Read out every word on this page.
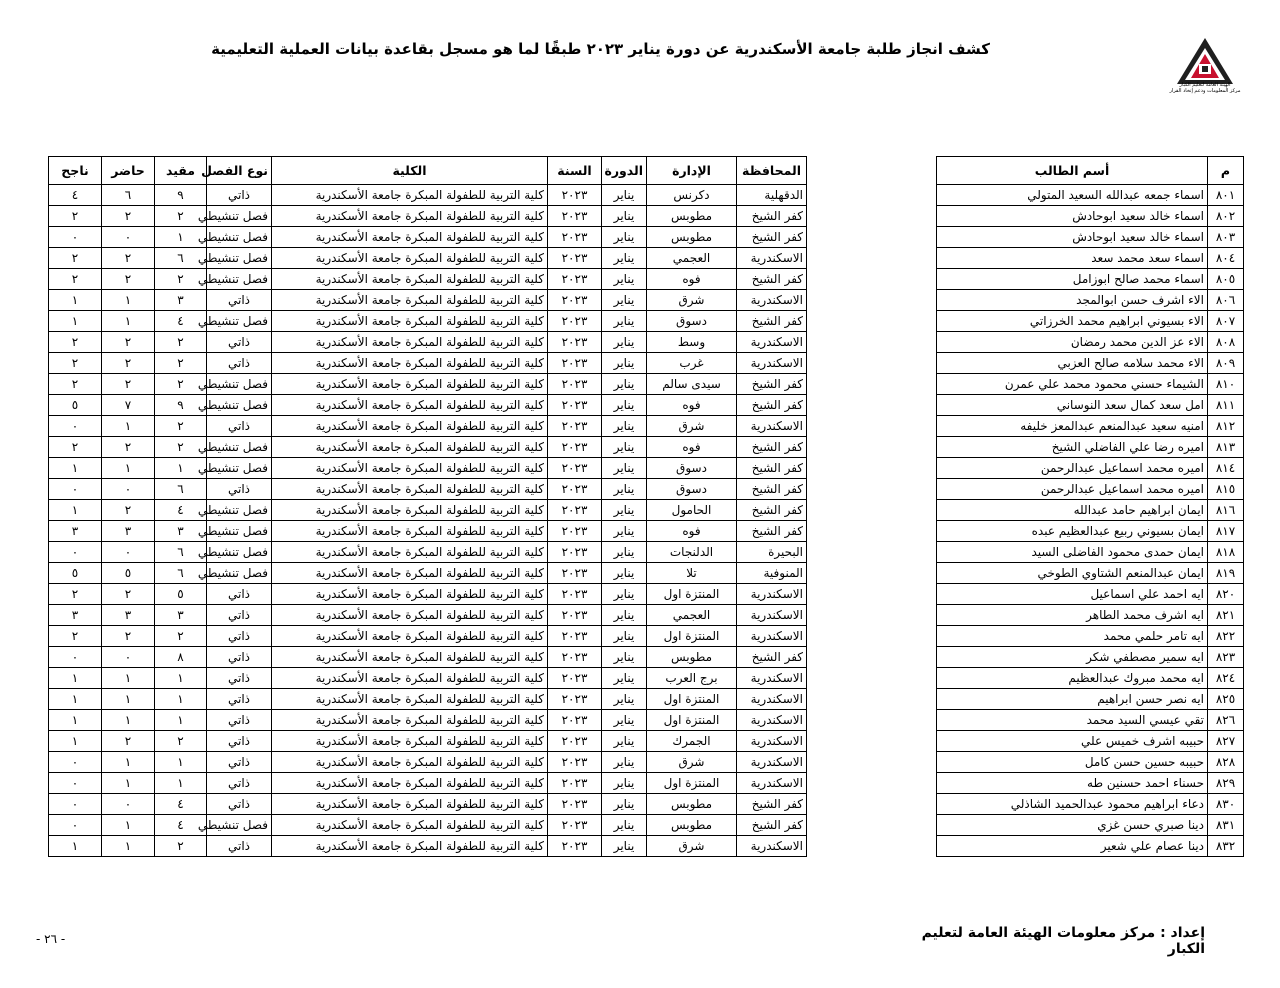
كشف انجاز طلبة جامعة الأسكندرية عن دورة يناير ٢٠٢٣ طبقًا لما هو مسجل بقاعدة بيانات العملية التعليمية
الهيئة العامة لتعليم الكبار
مركز المعلومات ودعم إتخاذ القرار
م	أسم الطالب
٨٠١	اسماء جمعه عبدالله السعيد المتولي
٨٠٢	اسماء خالد سعيد ابوحادش
٨٠٣	اسماء خالد سعيد ابوحادش
٨٠٤	اسماء سعد محمد سعد
٨٠٥	اسماء محمد صالح ابوزامل
٨٠٦	الاء اشرف حسن ابوالمجد
٨٠٧	الاء بسيوني ابراهيم محمد الخرزاتي
٨٠٨	الاء عز الدين محمد رمضان
٨٠٩	الاء محمد سلامه صالح العزبي
٨١٠	الشيماء حسني محمود محمد علي عمرن
٨١١	امل سعد كمال سعد النوساني
٨١٢	امنيه سعيد عبدالمنعم عبدالمعز خليفه
٨١٣	اميره رضا علي الفاضلي الشيخ
٨١٤	اميره محمد اسماعيل عبدالرحمن
٨١٥	اميره محمد اسماعيل عبدالرحمن
٨١٦	ايمان ابراهيم حامد عبدالله
٨١٧	ايمان بسيوني ربيع عبدالعظيم عبده
٨١٨	ايمان حمدى محمود الفاضلى السيد
٨١٩	ايمان عبدالمنعم الشتاوي الطوخي
٨٢٠	ايه احمد علي اسماعيل
٨٢١	ايه اشرف محمد الطاهر
٨٢٢	ايه تامر حلمي محمد
٨٢٣	ايه سمير مصطفي شكر
٨٢٤	ايه محمد مبروك عبدالعظيم
٨٢٥	ايه نصر حسن ابراهيم
٨٢٦	تقي عيسي السيد محمد
٨٢٧	حبيبه اشرف خميس علي
٨٢٨	حبيبه حسين حسن كامل
٨٢٩	حسناء احمد حسنين طه
٨٣٠	دعاء ابراهيم محمود عبدالحميد الشاذلي
٨٣١	دينا صبري حسن غزي
٨٣٢	دينا عصام علي شعير
المحافظة	الإدارة	الدورة	السنة	الكلية	نوع الفصل	مقيد	حاضر	ناجح
الدقهلية	دكرنس	يناير	٢٠٢٣	كلية التربية للطفولة المبكرة جامعة الأسكندرية	ذاتي	٩	٦	٤
كفر الشيخ	مطوبس	يناير	٢٠٢٣	كلية التربية للطفولة المبكرة جامعة الأسكندرية	فصل تنشيطي	٢	٢	٢
كفر الشيخ	مطوبس	يناير	٢٠٢٣	كلية التربية للطفولة المبكرة جامعة الأسكندرية	فصل تنشيطي	١	٠	٠
الاسكندرية	العجمي	يناير	٢٠٢٣	كلية التربية للطفولة المبكرة جامعة الأسكندرية	فصل تنشيطي	٦	٢	٢
كفر الشيخ	فوه	يناير	٢٠٢٣	كلية التربية للطفولة المبكرة جامعة الأسكندرية	فصل تنشيطي	٢	٢	٢
الاسكندرية	شرق	يناير	٢٠٢٣	كلية التربية للطفولة المبكرة جامعة الأسكندرية	ذاتي	٣	١	١
كفر الشيخ	دسوق	يناير	٢٠٢٣	كلية التربية للطفولة المبكرة جامعة الأسكندرية	فصل تنشيطي	٤	١	١
الاسكندرية	وسط	يناير	٢٠٢٣	كلية التربية للطفولة المبكرة جامعة الأسكندرية	ذاتي	٢	٢	٢
الاسكندرية	غرب	يناير	٢٠٢٣	كلية التربية للطفولة المبكرة جامعة الأسكندرية	ذاتي	٢	٢	٢
كفر الشيخ	سيدى سالم	يناير	٢٠٢٣	كلية التربية للطفولة المبكرة جامعة الأسكندرية	فصل تنشيطي	٢	٢	٢
كفر الشيخ	فوه	يناير	٢٠٢٣	كلية التربية للطفولة المبكرة جامعة الأسكندرية	فصل تنشيطي	٩	٧	٥
الاسكندرية	شرق	يناير	٢٠٢٣	كلية التربية للطفولة المبكرة جامعة الأسكندرية	ذاتي	٢	١	٠
كفر الشيخ	فوه	يناير	٢٠٢٣	كلية التربية للطفولة المبكرة جامعة الأسكندرية	فصل تنشيطي	٢	٢	٢
كفر الشيخ	دسوق	يناير	٢٠٢٣	كلية التربية للطفولة المبكرة جامعة الأسكندرية	فصل تنشيطي	١	١	١
كفر الشيخ	دسوق	يناير	٢٠٢٣	كلية التربية للطفولة المبكرة جامعة الأسكندرية	ذاتي	٦	٠	٠
كفر الشيخ	الحامول	يناير	٢٠٢٣	كلية التربية للطفولة المبكرة جامعة الأسكندرية	فصل تنشيطي	٤	٢	١
كفر الشيخ	فوه	يناير	٢٠٢٣	كلية التربية للطفولة المبكرة جامعة الأسكندرية	فصل تنشيطي	٣	٣	٣
البحيرة	الدلنجات	يناير	٢٠٢٣	كلية التربية للطفولة المبكرة جامعة الأسكندرية	فصل تنشيطي	٦	٠	٠
المنوفية	تلا	يناير	٢٠٢٣	كلية التربية للطفولة المبكرة جامعة الأسكندرية	فصل تنشيطي	٦	٥	٥
الاسكندرية	المنتزة اول	يناير	٢٠٢٣	كلية التربية للطفولة المبكرة جامعة الأسكندرية	ذاتي	٥	٢	٢
الاسكندرية	العجمي	يناير	٢٠٢٣	كلية التربية للطفولة المبكرة جامعة الأسكندرية	ذاتي	٣	٣	٣
الاسكندرية	المنتزة اول	يناير	٢٠٢٣	كلية التربية للطفولة المبكرة جامعة الأسكندرية	ذاتي	٢	٢	٢
كفر الشيخ	مطوبس	يناير	٢٠٢٣	كلية التربية للطفولة المبكرة جامعة الأسكندرية	ذاتي	٨	٠	٠
الاسكندرية	برج العرب	يناير	٢٠٢٣	كلية التربية للطفولة المبكرة جامعة الأسكندرية	ذاتي	١	١	١
الاسكندرية	المنتزة اول	يناير	٢٠٢٣	كلية التربية للطفولة المبكرة جامعة الأسكندرية	ذاتي	١	١	١
الاسكندرية	المنتزة اول	يناير	٢٠٢٣	كلية التربية للطفولة المبكرة جامعة الأسكندرية	ذاتي	١	١	١
الاسكندرية	الجمرك	يناير	٢٠٢٣	كلية التربية للطفولة المبكرة جامعة الأسكندرية	ذاتي	٢	٢	١
الاسكندرية	شرق	يناير	٢٠٢٣	كلية التربية للطفولة المبكرة جامعة الأسكندرية	ذاتي	١	١	٠
الاسكندرية	المنتزة اول	يناير	٢٠٢٣	كلية التربية للطفولة المبكرة جامعة الأسكندرية	ذاتي	١	١	٠
كفر الشيخ	مطوبس	يناير	٢٠٢٣	كلية التربية للطفولة المبكرة جامعة الأسكندرية	ذاتي	٤	٠	٠
كفر الشيخ	مطوبس	يناير	٢٠٢٣	كلية التربية للطفولة المبكرة جامعة الأسكندرية	فصل تنشيطي	٤	١	٠
الاسكندرية	شرق	يناير	٢٠٢٣	كلية التربية للطفولة المبكرة جامعة الأسكندرية	ذاتي	٢	١	١
إعداد : مركز معلومات الهيئة العامة لتعليم الكبار
- ٢٦ -
